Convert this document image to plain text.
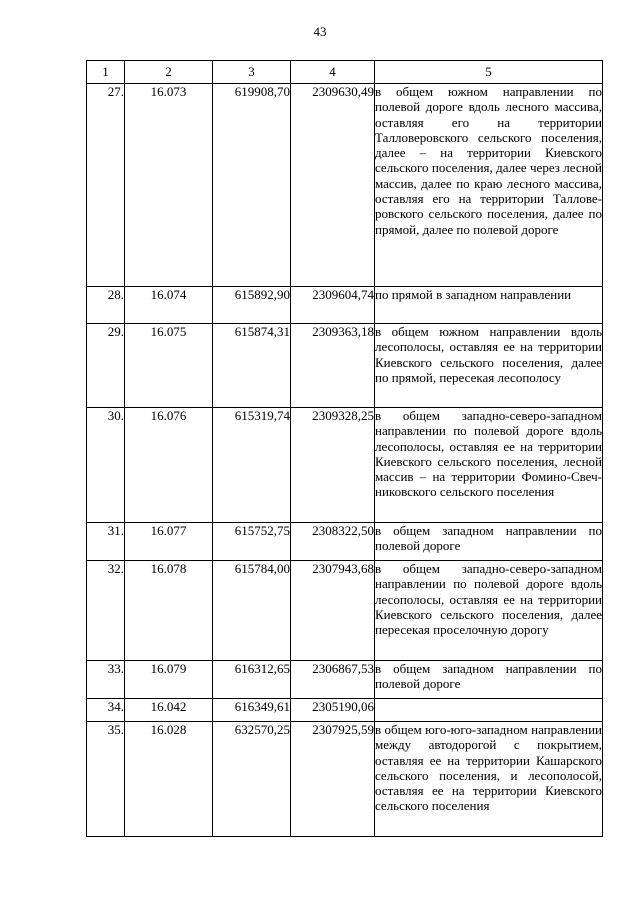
43
1	2	3	4	5
27.	16.073	619908,70	2309630,49	в общем южном направлении по полевой дороге вдоль лесного массива, оставляя его на территории Талловеровского сельского поселения, далее – на территории Киевского сельского поселения, далее через лесной массив, далее по краю лесного массива, оставляя его на территории Талловеровского сельского поселения, далее по прямой, далее по полевой дороге
28.	16.074	615892,90	2309604,74	по прямой в западном направлении
29.	16.075	615874,31	2309363,18	в общем южном направлении вдоль лесополосы, оставляя ее на территории Киевского сельского поселения, далее по прямой, пересекая лесополосу
30.	16.076	615319,74	2309328,25	в общем западно-северо-западном направлении по полевой дороге вдоль лесополосы, оставляя ее на территории Киевского сельского поселения, лесной массив – на территории Фомино-Свечниковского сельского поселения
31.	16.077	615752,75	2308322,50	в общем западном направлении по полевой дороге
32.	16.078	615784,00	2307943,68	в общем западно-северо-западном направлении по полевой дороге вдоль лесополосы, оставляя ее на территории Киевского сельского поселения, далее пересекая проселочную дорогу
33.	16.079	616312,65	2306867,53	в общем западном направлении по полевой дороге
34.	16.042	616349,61	2305190,06	
35.	16.028	632570,25	2307925,59	в общем юго-юго-западном направлении между автодорогой с покрытием, оставляя ее на территории Кашарского сельского поселения, и лесополосой, оставляя ее на территории Киевского сельского поселения
